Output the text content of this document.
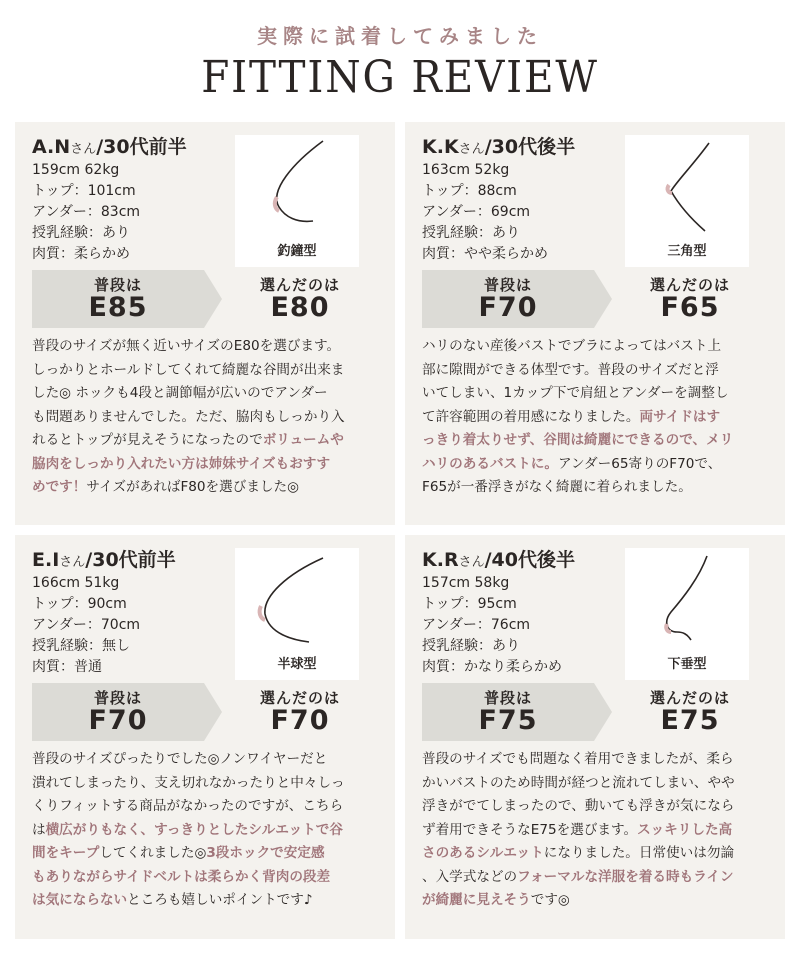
実際に試着してみました
FITTING REVIEW
A.Nさん/30代前半
159cm 62kg
トップ：101cm
アンダー：83cm
授乳経験：あり
肉質：柔らかめ	釣鐘型
普段は
E85
選んだのは
E80
普段のサイズが無く近いサイズのE80を選びます。
しっかりとホールドしてくれて綺麗な谷間が出来ま
した◎ ホックも4段と調節幅が広いのでアンダー
も問題ありませんでした。ただ、脇肉もしっかり入
れるとトップが見えそうになったのでボリュームや
脇肉をしっかり入れたい方は姉妹サイズもおすす
めです！サイズがあればF80を選びました◎
K.Kさん/30代後半
163cm 52kg
トップ：88cm
アンダー：69cm
授乳経験：あり
肉質：やや柔らかめ	三角型
普段は
F70
選んだのは
F65
ハリのない産後バストでブラによってはバスト上
部に隙間ができる体型です。普段のサイズだと浮
いてしまい、1カップ下で肩紐とアンダーを調整し
て許容範囲の着用感になりました。両サイドはす
っきり着太りせず、谷間は綺麗にできるので、メリ
ハリのあるバストに。アンダー65寄りのF70で、
F65が一番浮きがなく綺麗に着られました。
E.Iさん/30代前半
166cm 51kg
トップ：90cm
アンダー：70cm
授乳経験：無し
肉質：普通	半球型
普段は
F70
選んだのは
F70
普段のサイズぴったりでした◎ノンワイヤーだと
潰れてしまったり、支え切れなかったりと中々しっ
くりフィットする商品がなかったのですが、こちら
は横広がりもなく、すっきりとしたシルエットで谷
間をキープしてくれました◎3段ホックで安定感
もありながらサイドベルトは柔らかく背肉の段差
は気にならないところも嬉しいポイントです♪
K.Rさん/40代後半
157cm 58kg
トップ：95cm
アンダー：76cm
授乳経験：あり
肉質：かなり柔らかめ	下垂型
普段は
F75
選んだのは
E75
普段のサイズでも問題なく着用できましたが、柔ら
かいバストのため時間が経つと流れてしまい、やや
浮きがでてしまったので、動いても浮きが気になら
ず着用できそうなE75を選びます。スッキリした高
さのあるシルエットになりました。日常使いは勿論
、入学式などのフォーマルな洋服を着る時もライン
が綺麗に見えそうです◎
